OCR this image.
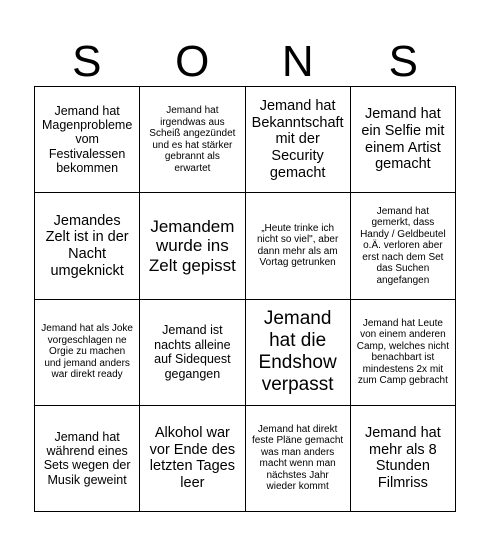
S	O	N	S
Jemand hat Magenprobleme vom Festivalessen bekommen
Jemand hat irgendwas aus Scheiß angezündet und es hat stärker gebrannt als erwartet
Jemand hat Bekanntschaft mit der Security gemacht
Jemand hat ein Selfie mit einem Artist gemacht
Jemandes Zelt ist in der Nacht umgeknickt
Jemandem wurde ins Zelt gepisst
„Heute trinke ich nicht so viel", aber dann mehr als am Vortag getrunken
Jemand hat gemerkt, dass Handy / Geldbeutel o.Ä. verloren aber erst nach dem Set das Suchen angefangen
Jemand hat als Joke vorgeschlagen ne Orgie zu machen und jemand anders war direkt ready
Jemand ist nachts alleine auf Sidequest gegangen
Jemand hat die Endshow verpasst
Jemand hat Leute von einem anderen Camp, welches nicht benachbart ist mindestens 2x mit zum Camp gebracht
Jemand hat während eines Sets wegen der Musik geweint
Alkohol war vor Ende des letzten Tages leer
Jemand hat direkt feste Pläne gemacht was man anders macht wenn man nächstes Jahr wieder kommt
Jemand hat mehr als 8 Stunden Filmriss
